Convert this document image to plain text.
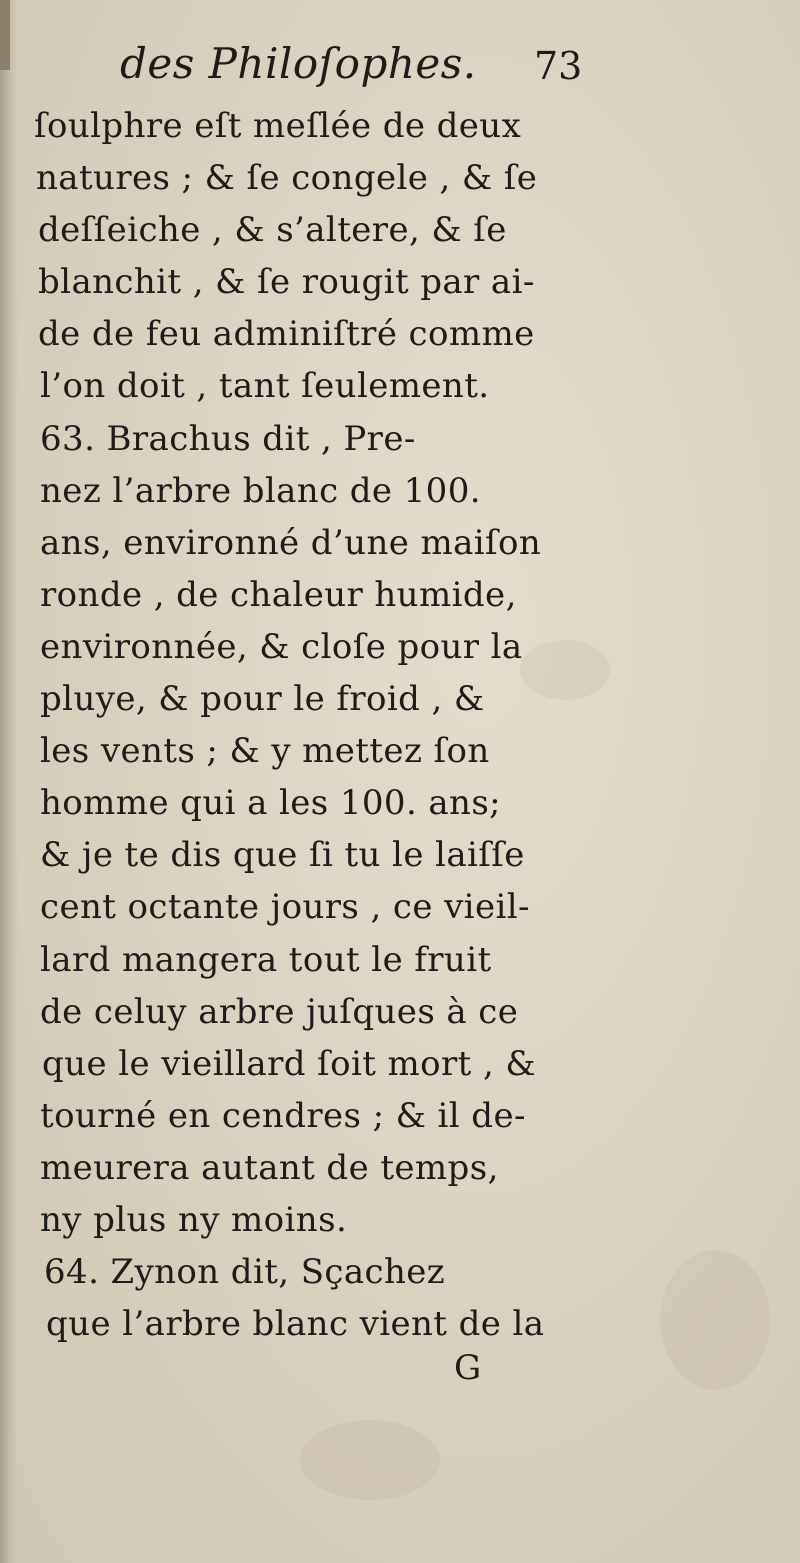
des Philoſophes. 73
ſoulphre eſt meſlée de deux
natures ; & ſe congele , & ſe
deſſeiche , & s’altere, & ſe
blanchit , & ſe rougit par ai-
de de feu adminiſtré comme
l’on doit , tant ſeulement.
63. Brachus dit , Pre-
nez l’arbre blanc de 100.
ans, environné d’une maiſon
ronde , de chaleur humide,
environnée, & cloſe pour la
pluye, & pour le froid , &
les vents ; & y mettez ſon
homme qui a les 100. ans;
& je te dis que ſi tu le laiſſe
cent octante jours , ce vieil-
lard mangera tout le fruit
de celuy arbre juſques à ce
que le vieillard ſoit mort , &
tourné en cendres ; & il de-
meurera autant de temps,
ny plus ny moins.
64. Zynon dit, Sçachez
que l’arbre blanc vient de la
G
